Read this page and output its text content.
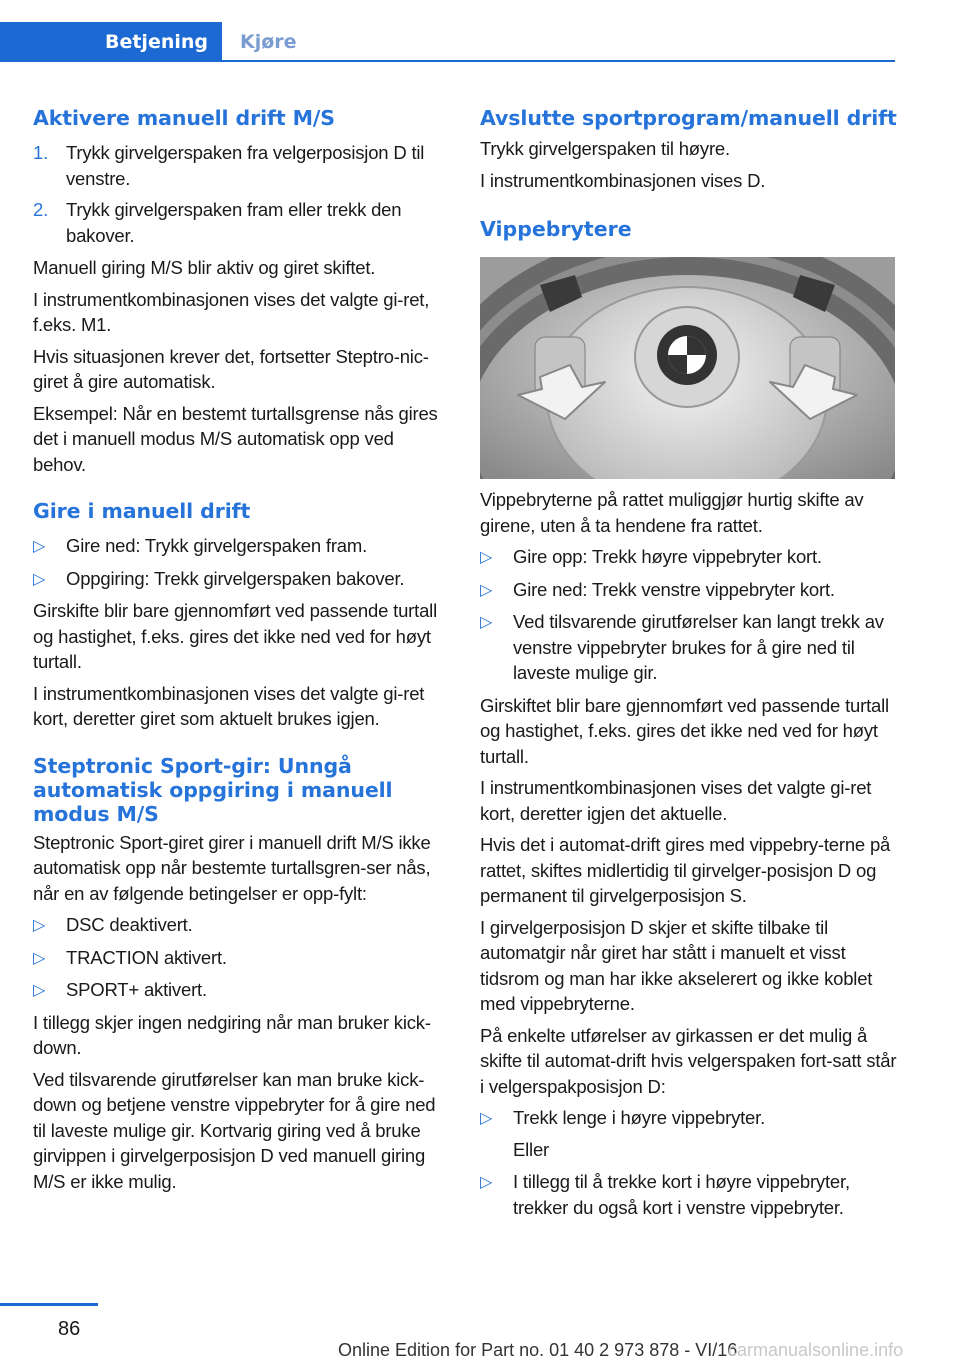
Betjening	Kjøre
Aktivere manuell drift M/S
1. Trykk girvelgerspaken fra velgerposisjon D til venstre.
2. Trykk girvelgerspaken fram eller trekk den bakover.

Manuell giring M/S blir aktiv og giret skiftet.

I instrumentkombinasjonen vises det valgte gi‐ret, f.eks. M1.

Hvis situasjonen krever det, fortsetter Steptro‐nic-giret å gire automatisk.

Eksempel: Når en bestemt turtallsgrense nås gires det i manuell modus M/S automatisk opp ved behov.

Gire i manuell drift
▷	Gire ned: Trykk girvelgerspaken fram.
▷	Oppgiring: Trekk girvelgerspaken bakover.

Girskifte blir bare gjennomført ved passende turtall og hastighet, f.eks. gires det ikke ned ved for høyt turtall.

I instrumentkombinasjonen vises det valgte gi‐ret kort, deretter giret som aktuelt brukes igjen.

Steptronic Sport-gir: Unngå automatisk oppgiring i manuell modus M/S

Steptronic Sport-giret girer i manuell drift M/S ikke automatisk opp når bestemte turtallsgren‐ser nås, når en av følgende betingelser er opp‐fylt:

▷	DSC deaktivert.
▷	TRACTION aktivert.
▷	SPORT+ aktivert.

I tillegg skjer ingen nedgiring når man bruker kick-down.

Ved tilsvarende girutførelser kan man bruke kick-down og betjene venstre vippebryter for å gire ned til laveste mulige gir. Kortvarig giring ved å bruke girvippen i girvelgerposisjon D ved manuell giring M/S er ikke mulig.

Avslutte sportprogram/manuell drift

Trykk girvelgerspaken til høyre.

I instrumentkombinasjonen vises D.

Vippebrytere

Vippebryterne på rattet muliggjør hurtig skifte av girene, uten å ta hendene fra rattet.

▷	Gire opp: Trekk høyre vippebryter kort.
▷	Gire ned: Trekk venstre vippebryter kort.
▷	Ved tilsvarende girutførelser kan langt trekk av venstre vippebryter brukes for å gire ned til laveste mulige gir.

Girskiftet blir bare gjennomført ved passende turtall og hastighet, f.eks. gires det ikke ned ved for høyt turtall.

I instrumentkombinasjonen vises det valgte gi‐ret kort, deretter igjen det aktuelle.

Hvis det i automat-drift gires med vippebry‐terne på rattet, skiftes midlertidig til girvelger‐posisjon D og permanent til girvelgerposisjon S.

I girvelgerposisjon D skjer et skifte tilbake til automatgir når giret har stått i manuelt et visst tidsrom og man har ikke akselerert og ikke koblet med vippebryterne.

På enkelte utførelser av girkassen er det mulig å skifte til automat-drift hvis velgerspaken fort‐satt står i velgerspakposisjon D:

▷	Trekk lenge i høyre vippebryter.
Eller
▷	I tillegg til å trekke kort i høyre vippebryter, trekker du også kort i venstre vippebryter.
86
Online Edition for Part no. 01 40 2 973 878 - VI/16
carmanualsonline.info
